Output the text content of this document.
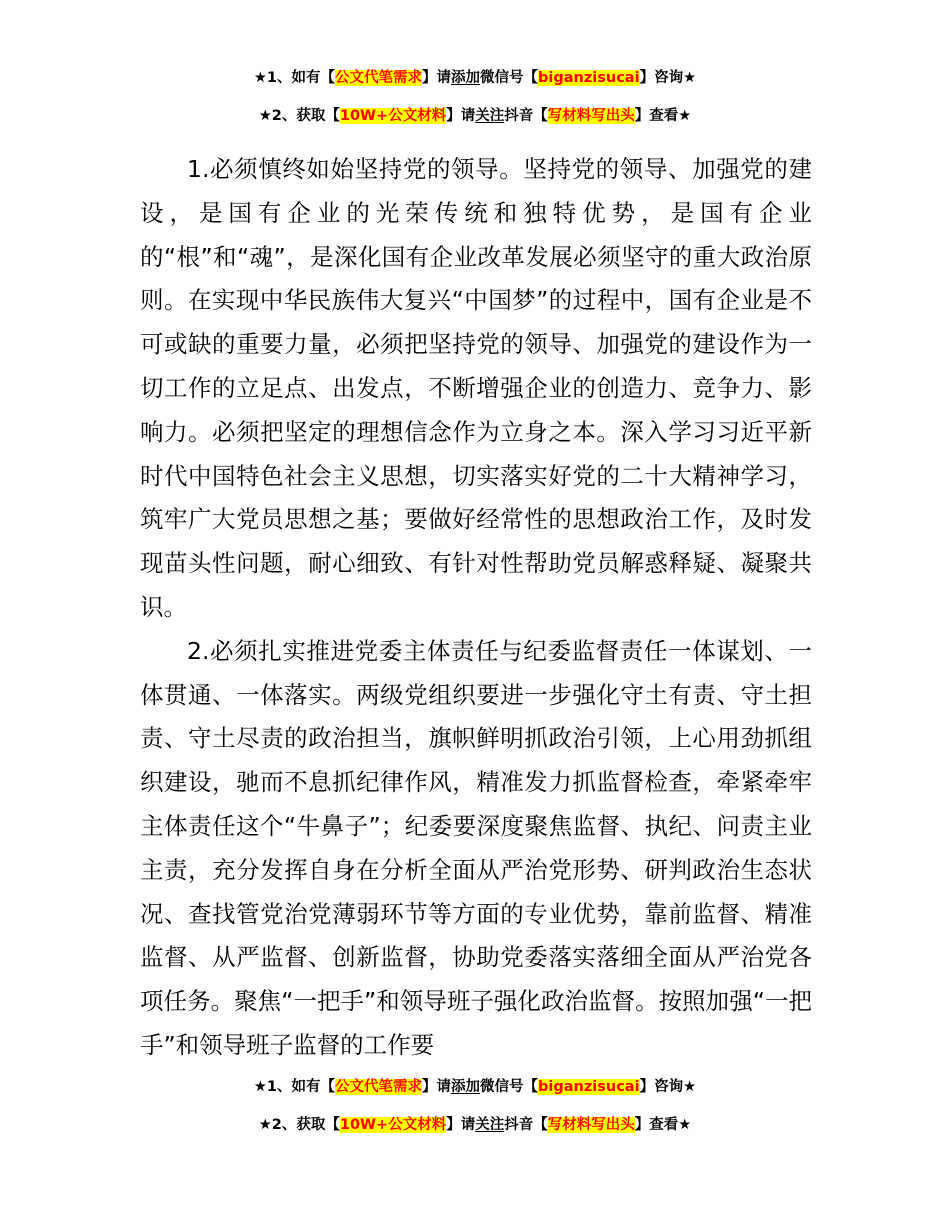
★1、如有【公文代笔需求】请添加微信号【biganzisucai】咨询★
★2、获取【10W+公文材料】请关注抖音【写材料写出头】查看★

1.必须慎终如始坚持党的领导。坚持党的领导、加强党的建设，是国有企业的光荣传统和独特优势，是国有企业的“根”和“魂”，是深化国有企业改革发展必须坚守的重大政治原则。在实现中华民族伟大复兴“中国梦”的过程中，国有企业是不可或缺的重要力量，必须把坚持党的领导、加强党的建设作为一切工作的立足点、出发点，不断增强企业的创造力、竞争力、影响力。必须把坚定的理想信念作为立身之本。深入学习习近平新时代中国特色社会主义思想，切实落实好党的二十大精神学习，筑牢广大党员思想之基；要做好经常性的思想政治工作，及时发现苗头性问题，耐心细致、有针对性帮助党员解惑释疑、凝聚共识。

2.必须扎实推进党委主体责任与纪委监督责任一体谋划、一体贯通、一体落实。两级党组织要进一步强化守土有责、守土担责、守土尽责的政治担当，旗帜鲜明抓政治引领，上心用劲抓组织建设，驰而不息抓纪律作风，精准发力抓监督检查，牵紧牵牢主体责任这个“牛鼻子”；纪委要深度聚焦监督、执纪、问责主业主责，充分发挥自身在分析全面从严治党形势、研判政治生态状况、查找管党治党薄弱环节等方面的专业优势，靠前监督、精准监督、从严监督、创新监督，协助党委落实落细全面从严治党各项任务。聚焦“一把手”和领导班子强化政治监督。按照加强“一把手”和领导班子监督的工作要

★1、如有【公文代笔需求】请添加微信号【biganzisucai】咨询★
★2、获取【10W+公文材料】请关注抖音【写材料写出头】查看★
